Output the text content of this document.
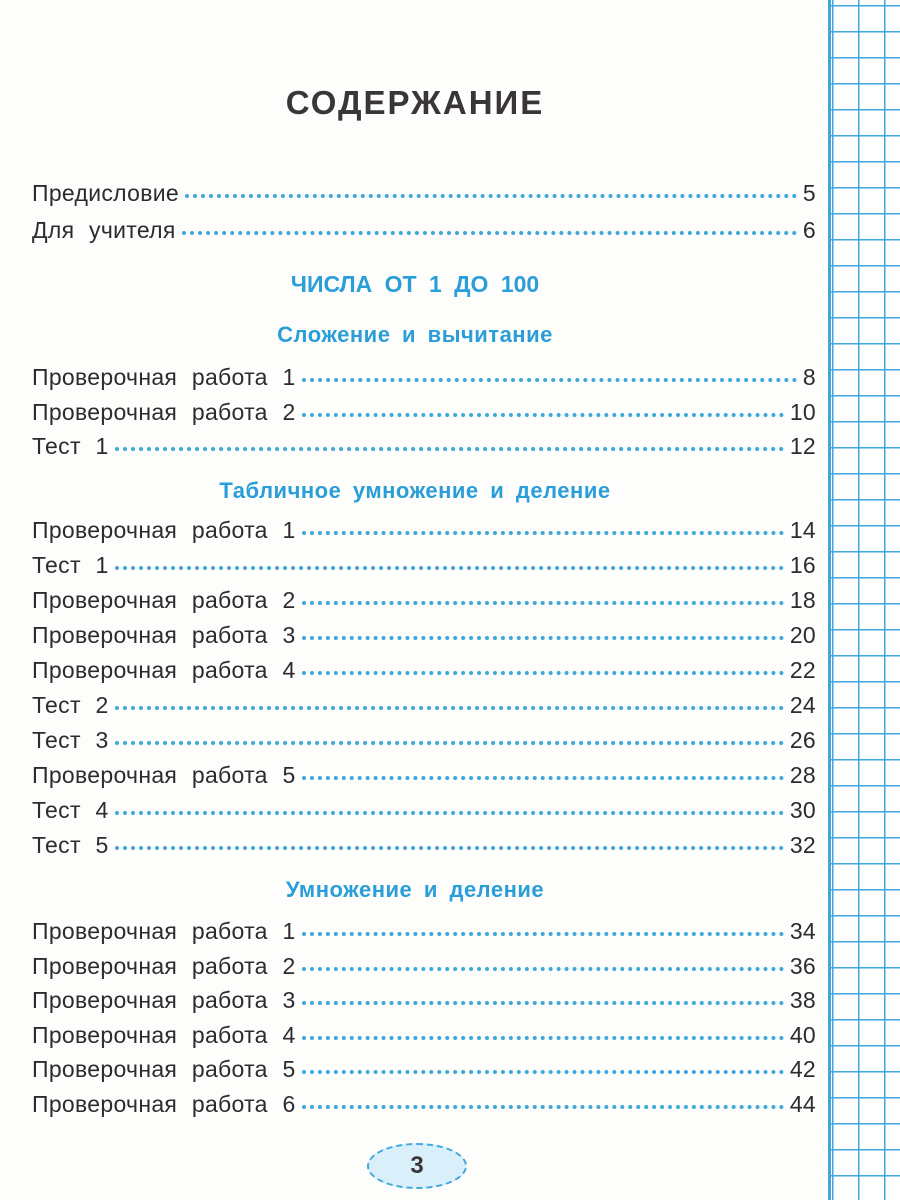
СОДЕРЖАНИЕ
ЧИСЛА ОТ 1 ДО 100
Предисловие	5
Для учителя	6
Сложение и вычитание
Проверочная работа 1	8
Проверочная работа 2	10
Тест 1	12
Табличное умножение и деление
Проверочная работа 1	14
Тест 1	16
Проверочная работа 2	18
Проверочная работа 3	20
Проверочная работа 4	22
Тест 2	24
Тест 3	26
Проверочная работа 5	28
Тест 4	30
Тест 5	32
Умножение и деление
Проверочная работа 1	34
Проверочная работа 2	36
Проверочная работа 3	38
Проверочная работа 4	40
Проверочная работа 5	42
Проверочная работа 6	44
3
